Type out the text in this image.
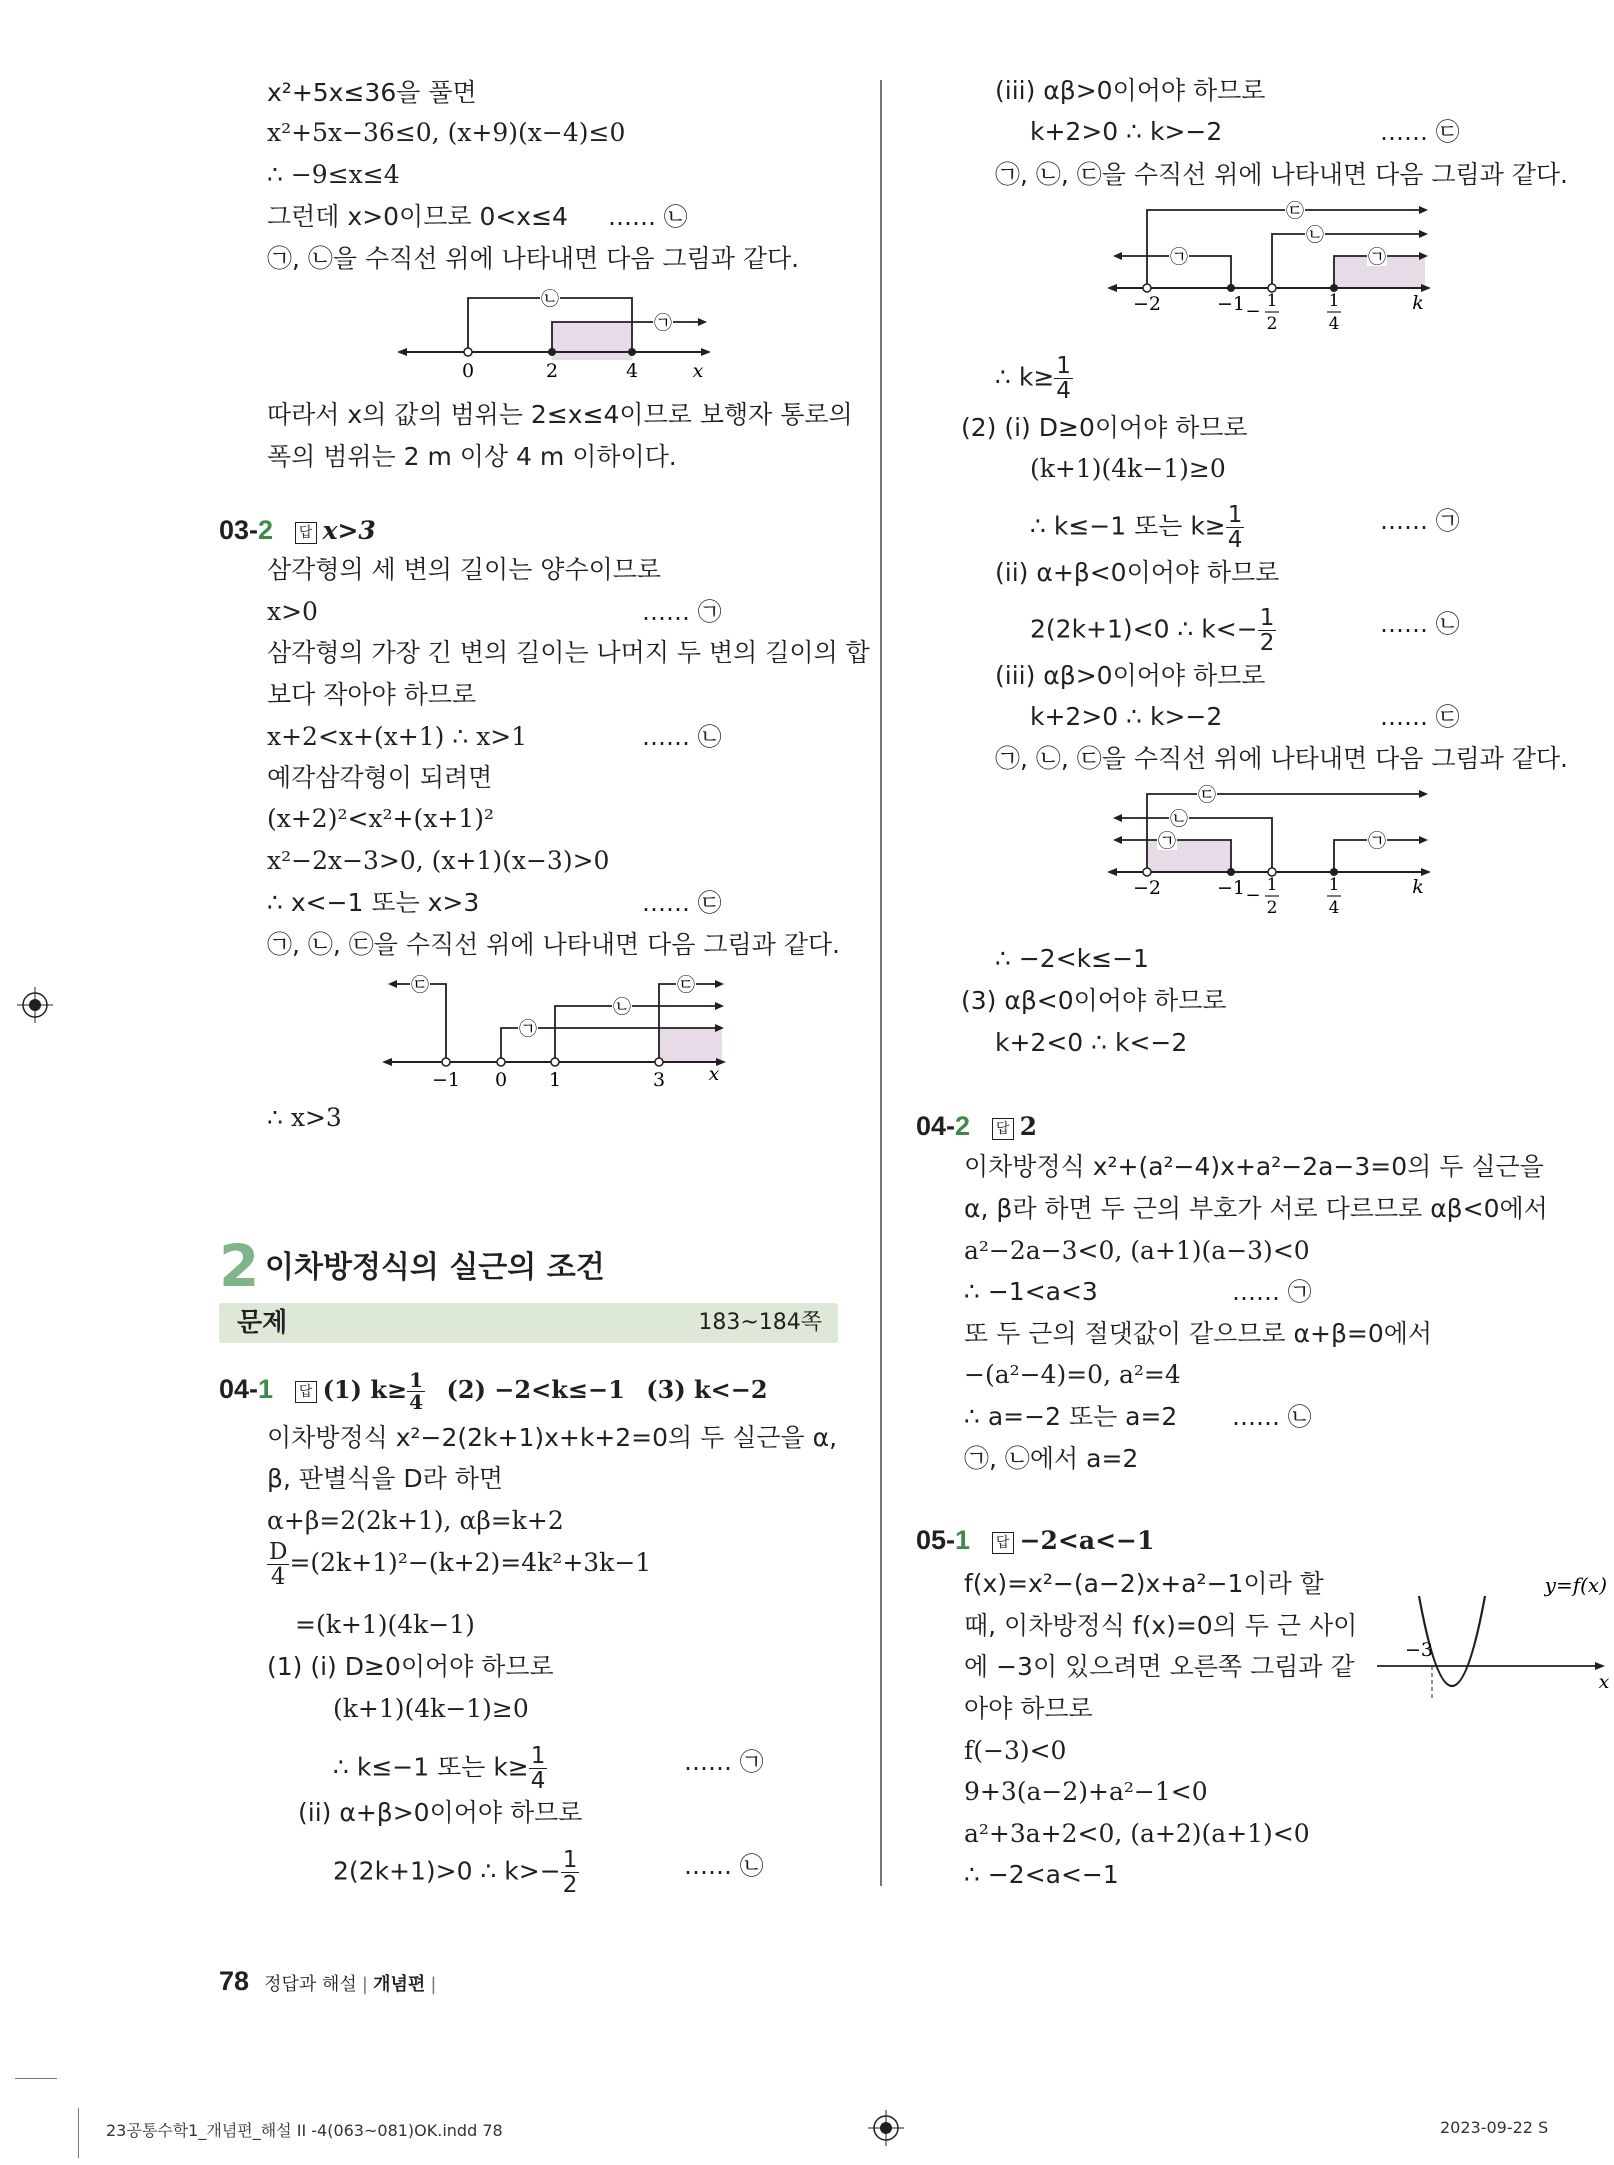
x²+5x≤36을 풀면
x²+5x−36≤0, (x+9)(x−4)≤0
∴ −9≤x≤4
그런데 x>0이므로 0<x≤4 …… ㉡
㉠, ㉡을 수직선 위에 나타내면 다음 그림과 같다.
㉡
㉠
0	2	4	x
따라서 x의 값의 범위는 2≤x≤4이므로 보행자 통로의
폭의 범위는 2 m 이상 4 m 이하이다.
03-2 답 x>3
삼각형의 세 변의 길이는 양수이므로
x>0	…… ㉠
삼각형의 가장 긴 변의 길이는 나머지 두 변의 길이의 합
보다 작아야 하므로
x+2<x+(x+1) ∴ x>1	…… ㉡
예각삼각형이 되려면
(x+2)²<x²+(x+1)²
x²−2x−3>0, (x+1)(x−3)>0
∴ x<−1 또는 x>3	…… ㉢
㉠, ㉡, ㉢을 수직선 위에 나타내면 다음 그림과 같다.
㉢
㉠
㉡
㉢
−1 0 1	3 x
∴ x>3
2 이차방정식의 실근의 조건
문제	183~184쪽
04-1 답 (1) $k\ge \frac{1}{4} (2) -2<k\le-1$ (3) k<−2
이차방정식 x²−2(2k+1)x+k+2=0의 두 실근을 α,
β, 판별식을 D라 하면
α+β=2(2k+1), αβ=k+2
$\frac{D}{4} =(2k+1)^2-(k+2)=4k^2+3k-1$
=(k+1)(4k−1)
(1) (i) D≥0이어야 하므로
(k+1)(4k−1)≥0
∴ k≤−1 또는 $k\ge \frac{1}{4}$	…… ㉠
(ii) α+β>0이어야 하므로
2(2k+1)>0 ∴ $k>- \frac{1}{2}$	…… ㉡
(iii) αβ>0이어야 하므로
k+2>0 ∴ k>−2	…… ㉢
㉠, ㉡, ㉢을 수직선 위에 나타내면 다음 그림과 같다.
㉢
㉡
㉠	㉠
−2	−1 − 1
2
1
4
k
∴ $k\ge \frac{1}{4}$
(2) (i) D≥0이어야 하므로
(k+1)(4k−1)≥0
∴ k≤−1 또는 $k\ge \frac{1}{4}$	…… ㉠
(ii) α+β<0이어야 하므로
2(2k+1)<0 ∴ $k<- \frac{1}{2}$	…… ㉡
(iii) αβ>0이어야 하므로
k+2>0 ∴ k>−2	…… ㉢
㉠, ㉡, ㉢을 수직선 위에 나타내면 다음 그림과 같다.
㉢
㉡
㉠	㉠
−2	−1 − 1
2
1
4
k
∴ −2<k≤−1
(3) αβ<0이어야 하므로
k+2<0 ∴ k<−2
04-2 답 2
이차방정식 x²+(a²−4)x+a²−2a−3=0의 두 실근을
α, β라 하면 두 근의 부호가 서로 다르므로 αβ<0에서
a²−2a−3<0, (a+1)(a−3)<0
∴ −1<a<3	…… ㉠
또 두 근의 절댓값이 같으므로 α+β=0에서
−(a²−4)=0, a²=4
∴ a=−2 또는 a=2 …… ㉡
㉠, ㉡에서 a=2
05-1 답 −2<a<−1
f(x)=x²−(a−2)x+a²−1이라 할
때, 이차방정식 f(x)=0의 두 근 사이
에 −3이 있으려면 오른쪽 그림과 같
아야 하므로
f(−3)<0
9+3(a−2)+a²−1<0
a²+3a+2<0, (a+2)(a+1)<0
∴ −2<a<−1
−3
x
y=f(x)
78 정답과 해설 | 개념편 |
23공통수학1_개념편_해설 II -4(063~081)OK.indd 78	2023-09-22 S
